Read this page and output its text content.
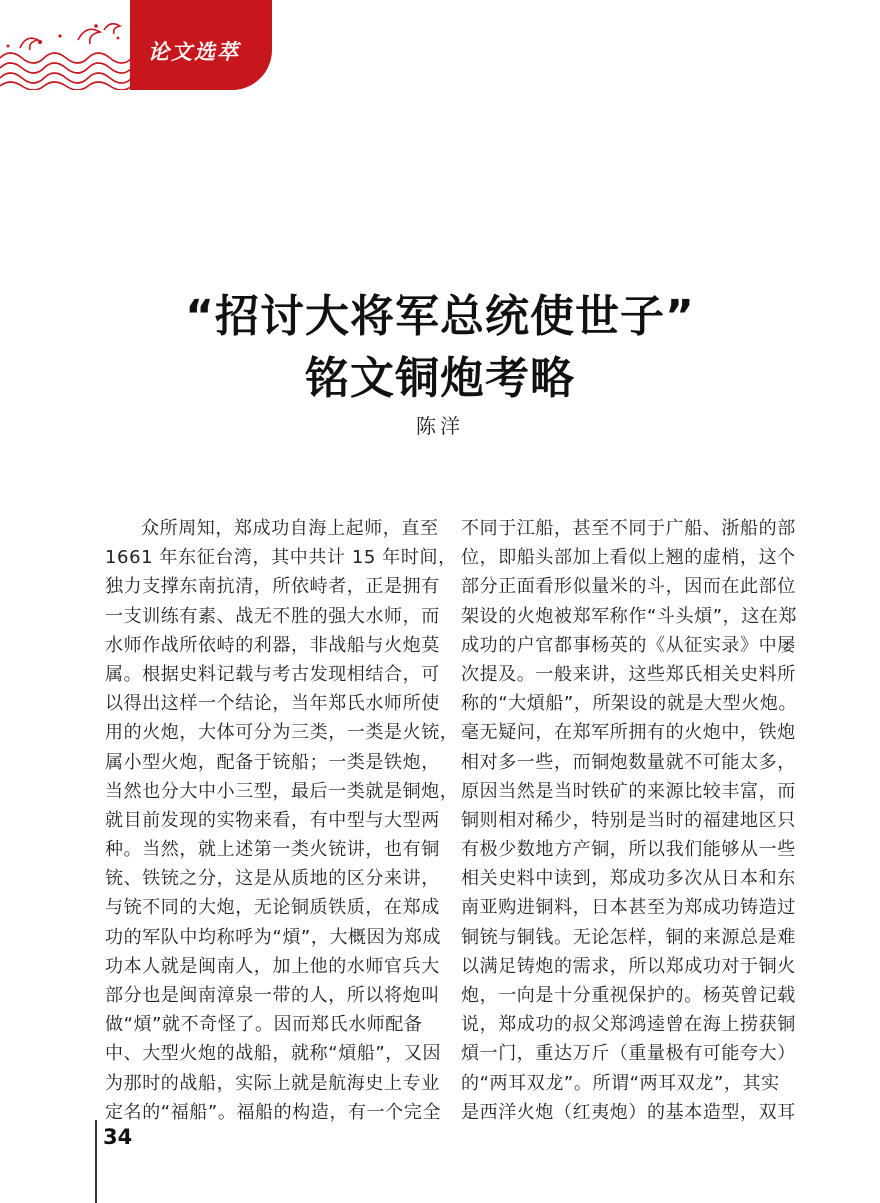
论文选萃
“招讨大将军总统使世子”
铭文铜炮考略
陈洋
众所周知，郑成功自海上起师，直至
1661 年东征台湾，其中共计 15 年时间，
独力支撑东南抗清，所依峙者，正是拥有
一支训练有素、战无不胜的强大水师，而
水师作战所依峙的利器，非战船与火炮莫
属。根据史料记载与考古发现相结合，可
以得出这样一个结论，当年郑氏水师所使
用的火炮，大体可分为三类，一类是火铳，
属小型火炮，配备于铳船；一类是铁炮，
当然也分大中小三型，最后一类就是铜炮，
就目前发现的实物来看，有中型与大型两
种。当然，就上述第一类火铳讲，也有铜
铳、铁铳之分，这是从质地的区分来讲，
与铳不同的大炮，无论铜质铁质，在郑成
功的军队中均称呼为“熕”，大概因为郑成
功本人就是闽南人，加上他的水师官兵大
部分也是闽南漳泉一带的人，所以将炮叫
做“熕”就不奇怪了。因而郑氏水师配备
中、大型火炮的战船，就称“熕船”，又因
为那时的战船，实际上就是航海史上专业
定名的“福船”。福船的构造，有一个完全
不同于江船，甚至不同于广船、浙船的部
位，即船头部加上看似上翘的虚梢，这个
部分正面看形似量米的斗，因而在此部位
架设的火炮被郑军称作“斗头熕”，这在郑
成功的户官都事杨英的《从征实录》中屡
次提及。一般来讲，这些郑氏相关史料所
称的“大熕船”，所架设的就是大型火炮。
毫无疑问，在郑军所拥有的火炮中，铁炮
相对多一些，而铜炮数量就不可能太多，
原因当然是当时铁矿的来源比较丰富，而
铜则相对稀少，特别是当时的福建地区只
有极少数地方产铜，所以我们能够从一些
相关史料中读到，郑成功多次从日本和东
南亚购进铜料，日本甚至为郑成功铸造过
铜铳与铜钱。无论怎样，铜的来源总是难
以满足铸炮的需求，所以郑成功对于铜火
炮，一向是十分重视保护的。杨英曾记载
说，郑成功的叔父郑鸿逵曾在海上捞获铜
熕一门，重达万斤（重量极有可能夸大）
的“两耳双龙”。所谓“两耳双龙”，其实
是西洋火炮（红夷炮）的基本造型，双耳
34
